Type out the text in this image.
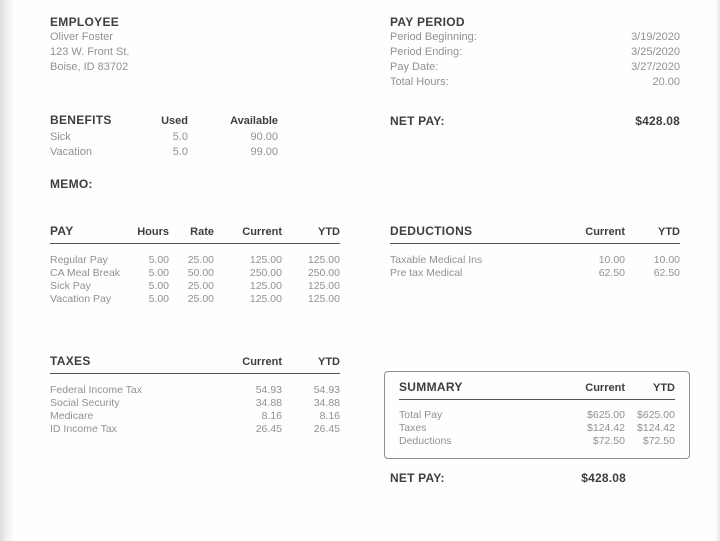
EMPLOYEE
Oliver Foster
123 W. Front St.
Boise, ID 83702
PAY PERIOD
Period Beginning:	3/19/2020
Period Ending:	3/25/2020
Pay Date:	3/27/2020
Total Hours:	20.00
BENEFITS	Used	Available
Sick	5.0	90.00
Vacation	5.0	99.00
NET PAY:	$428.08
MEMO:
PAY	Hours	Rate	Current	YTD
Regular Pay	5.00	25.00	125.00	125.00
CA Meal Break	5.00	50.00	250.00	250.00
Sick Pay	5.00	25.00	125.00	125.00
Vacation Pay	5.00	25.00	125.00	125.00
DEDUCTIONS	Current	YTD
Taxable Medical Ins	10.00	10.00
Pre tax Medical	62.50	62.50
TAXES	Current	YTD
Federal Income Tax	54.93	54.93
Social Security	34.88	34.88
Medicare	8.16	8.16
ID Income Tax	26.45	26.45
SUMMARY	Current	YTD
Total Pay	$625.00	$625.00
Taxes	$124.42	$124.42
Deductions	$72.50	$72.50
NET PAY:	$428.08
